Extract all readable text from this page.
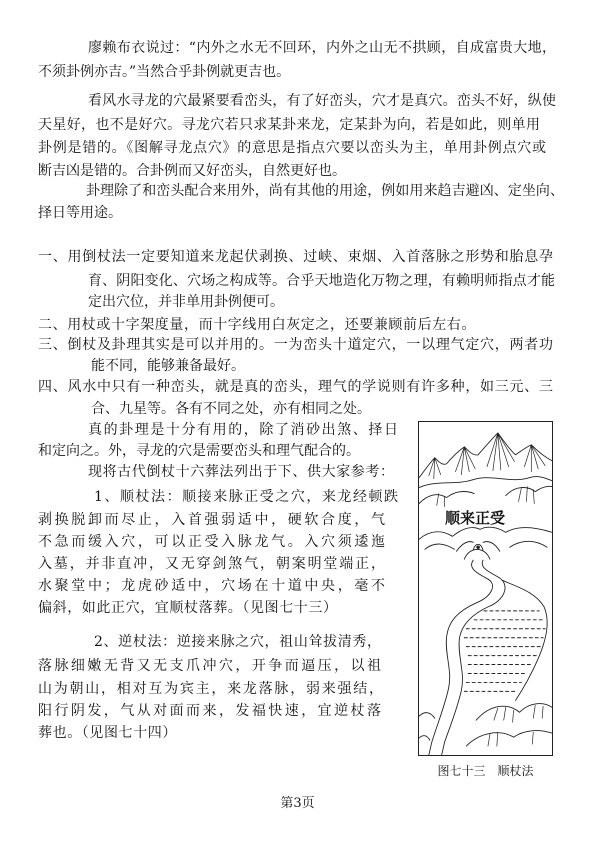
廖赖布衣说过：“内外之水无不回环，内外之山无不拱顾，自成富贵大地，
不须卦例亦吉。”当然合乎卦例就更吉也。
看风水寻龙的穴最紧要看峦头，有了好峦头，穴才是真穴。峦头不好，纵使
天星好，也不是好穴。寻龙穴若只求某卦来龙，定某卦为向，若是如此，则单用
卦例是错的。《图解寻龙点穴》的意思是指点穴要以峦头为主，单用卦例点穴或
断吉凶是错的。合卦例而又好峦头，自然更好也。
卦理除了和峦头配合来用外，尚有其他的用途，例如用来趋吉避凶、定坐向、
择日等用途。
一、用倒杖法一定要知道来龙起伏剥换、过峡、束烟、入首落脉之形势和胎息孕
育、阴阳变化、穴场之构成等。合乎天地造化万物之理，有赖明师指点才能
定出穴位，并非单用卦例便可。
二、用杖或十字架度量，而十字线用白灰定之，还要兼顾前后左右。
三、倒杖及卦理其实是可以并用的。一为峦头十道定穴，一以理气定穴，两者功
能不同，能够兼备最好。
四、风水中只有一种峦头，就是真的峦头，理气的学说则有许多种，如三元、三
合、九星等。各有不同之处，亦有相同之处。
真的卦理是十分有用的，除了消砂出煞、择日
和定向之。外，寻龙的穴是需要峦头和理气配合的。
现将古代倒杖十六葬法列出于下、供大家参考：
1、顺杖法：顺接来脉正受之穴，来龙经顿跌
剥换脱卸而尽止，入首强弱适中，硬软合度，气
不急而缓入穴，可以正受入脉龙气。入穴须逶迤
入墓，并非直冲，又无穿剑煞气，朝案明堂端正，
水聚堂中；龙虎砂适中，穴场在十道中央，毫不
偏斜，如此正穴，宜顺杖落葬。（见图七十三）
2、逆杖法：逆接来脉之穴，祖山耸拔清秀，
落脉细嫩无背又无支爪冲穴，开争而逼压，以祖
山为朝山，相对互为宾主，来龙落脉，弱来强结，
阳行阴发，气从对面而来，发福快速，宜逆杖落
葬也。（见图七十四）
顺来正受
图七十三　顺杖法
第3页
